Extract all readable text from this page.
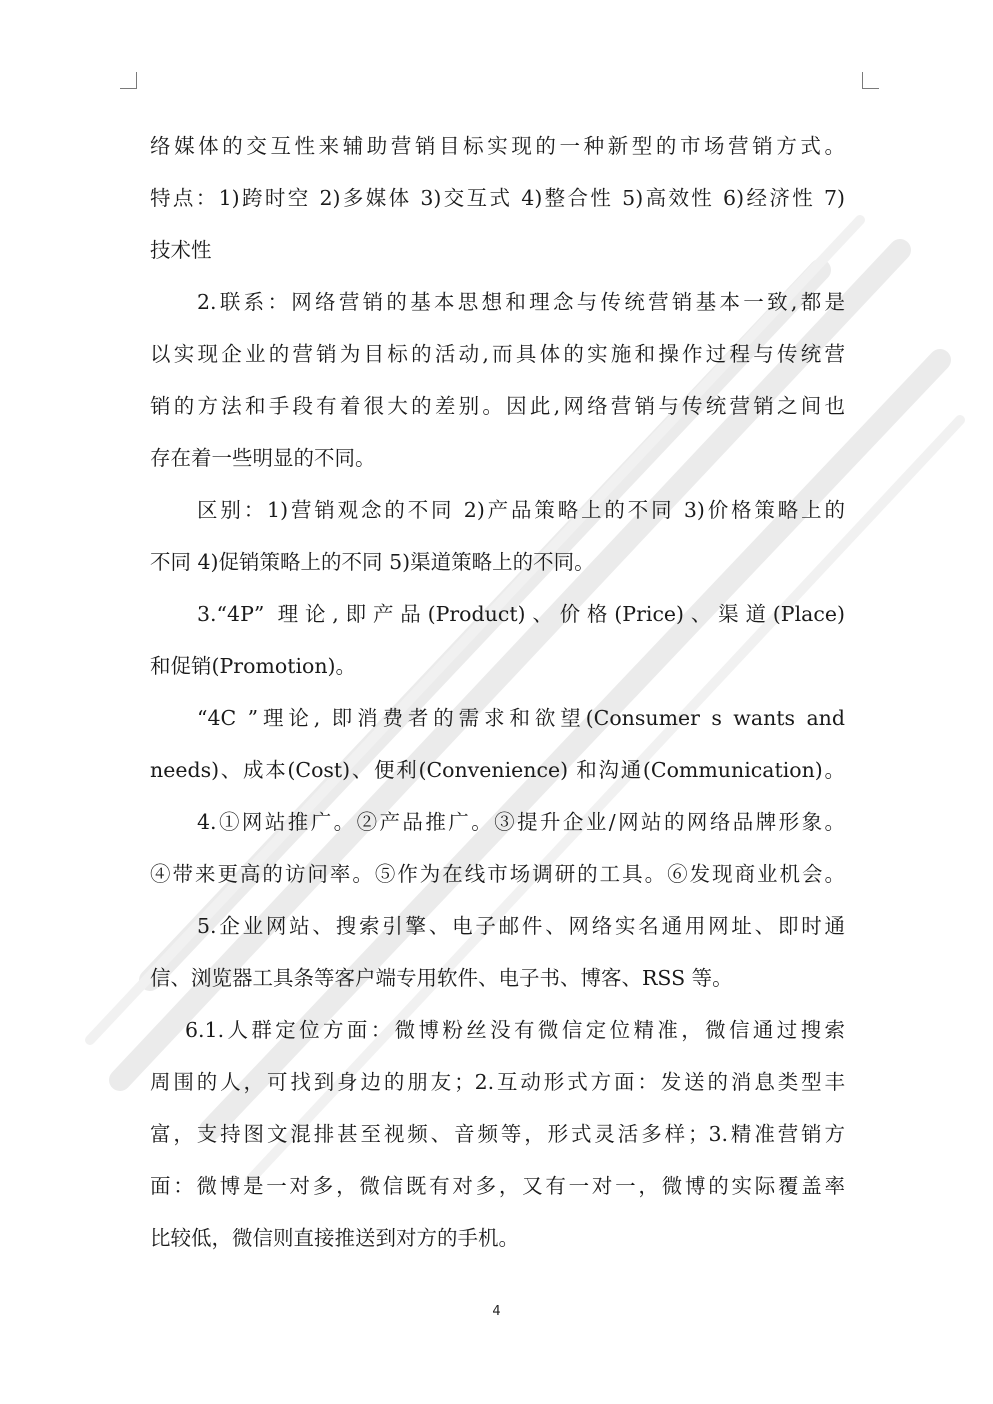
络媒体的交互性来辅助营销目标实现的一种新型的市场营销方式。
特点：1)跨时空 2)多媒体 3)交互式 4)整合性 5)高效性 6)经济性 7)
技术性
2.联系：网络营销的基本思想和理念与传统营销基本一致,都是
以实现企业的营销为目标的活动,而具体的实施和操作过程与传统营
销的方法和手段有着很大的差别。因此,网络营销与传统营销之间也
存在着一些明显的不同。
区别：1)营销观念的不同 2)产品策略上的不同 3)价格策略上的
不同 4)促销策略上的不同 5)渠道策略上的不同。
3.“4P” 理论,即产品(Product)、价格(Price)、渠道(Place)
和促销(Promotion)。
“4C ”理论, 即消费者的需求和欲望(Consumer s wants and
needs)、成本(Cost)、便利(Convenience) 和沟通(Communication)。
4.①网站推广。②产品推广。③提升企业/网站的网络品牌形象。
④带来更高的访问率。⑤作为在线市场调研的工具。⑥发现商业机会。
5.企业网站、搜索引擎、电子邮件、网络实名通用网址、即时通
信、浏览器工具条等客户端专用软件、电子书、博客、RSS 等。
6.1.人群定位方面：微博粉丝没有微信定位精准，微信通过搜索
周围的人，可找到身边的朋友；2.互动形式方面：发送的消息类型丰
富，支持图文混排甚至视频、音频等，形式灵活多样；3.精准营销方
面：微博是一对多，微信既有对多，又有一对一，微博的实际覆盖率
比较低，微信则直接推送到对方的手机。
4
